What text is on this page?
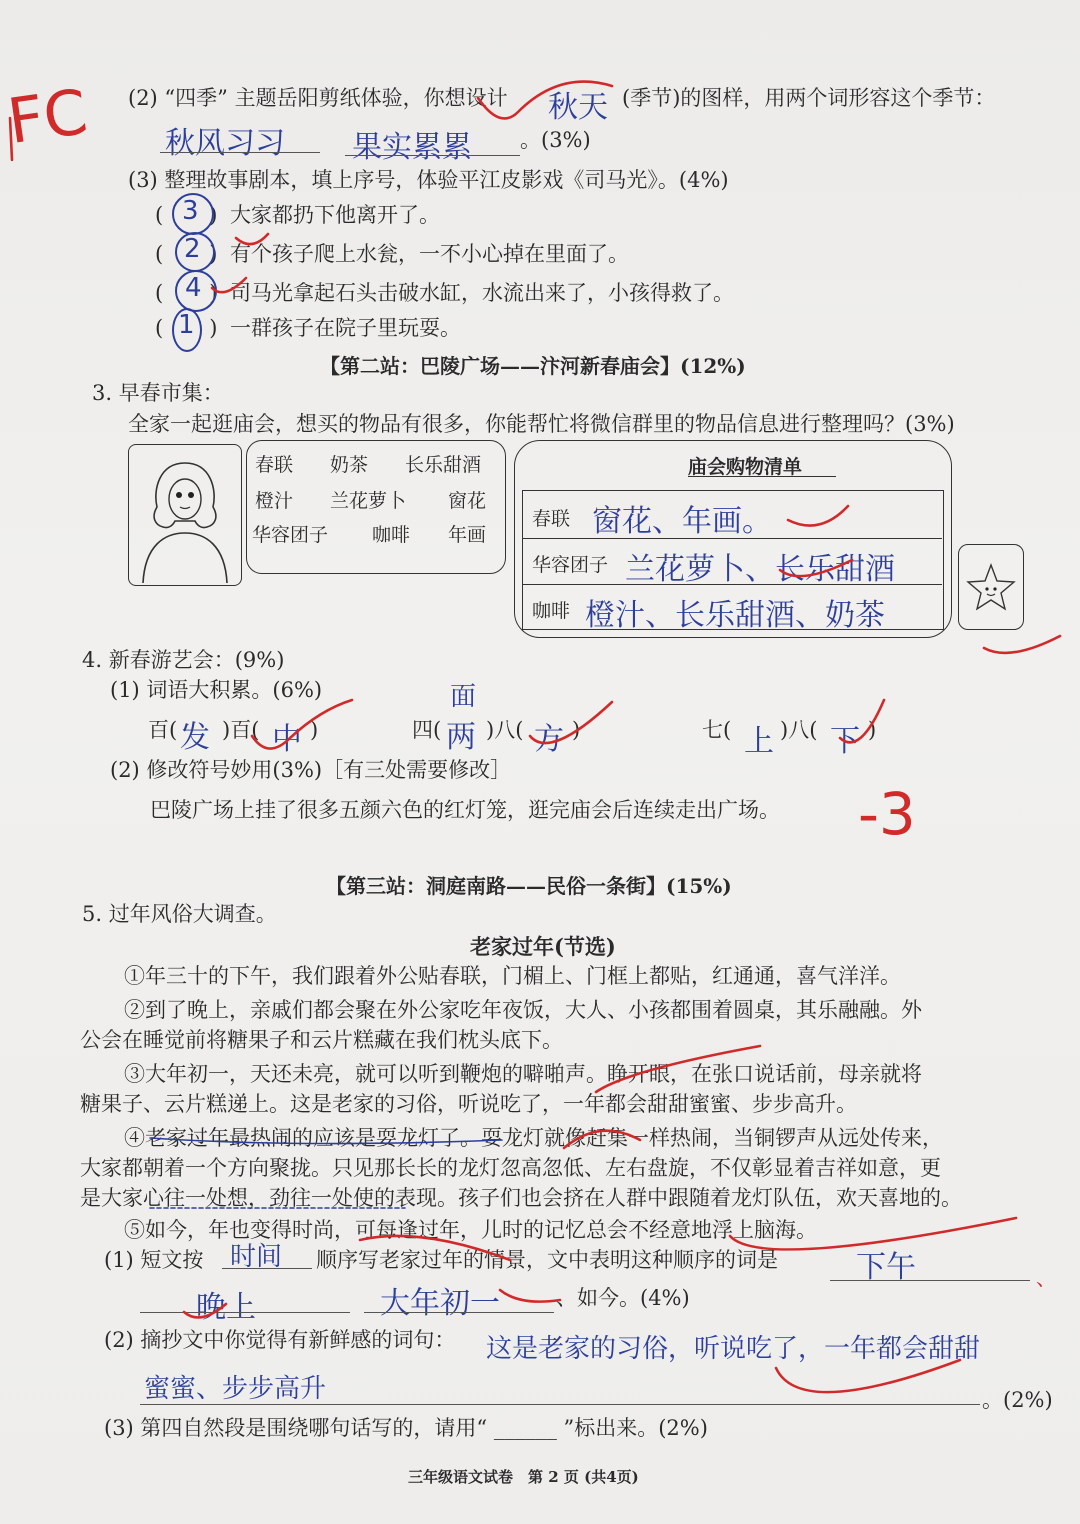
(2) “四季” 主题岳阳剪纸体验，你想设计 秋天 (季节)的图样，用两个词形容这个季节：
秋风习习 果实累累 。(3%)
FC
(3) 整理故事剧本，填上序号，体验平江皮影戏《司马光》。(4%)
( )
3 大家都扔下他离开了。
( )
2 有个孩子爬上水瓮，一不小心掉在里面了。
( )
4 司马光拿起石头击破水缸，水流出来了，小孩得救了。
( )
1 一群孩子在院子里玩耍。
【第二站：巴陵广场——汴河新春庙会】(12%)
3. 早春市集：
全家一起逛庙会，想买的物品有很多，你能帮忙将微信群里的物品信息进行整理吗？(3%)
春联 奶茶 长乐甜酒
橙汁 兰花萝卜 窗花
华容团子 咖啡 年画
庙会购物清单
春联 窗花、年画。
华容团子 兰花萝卜、长乐甜酒
咖啡 橙汁、长乐甜酒、奶茶
4. 新春游艺会：(9%)
(1) 词语大积累。(6%)
百( 发 )百( 中 )	四( 两
面
)八( 方 )	七( 上 )八( 下 )
(2) 修改符号妙用(3%)［有三处需要修改］
巴陵广场上挂了很多五颜六色的红灯笼，逛完庙会后连续走出广场。 -3
【第三站：洞庭南路——民俗一条街】(15%)
5. 过年风俗大调查。
老家过年(节选)
①年三十的下午，我们跟着外公贴春联，门楣上、门框上都贴，红通通，喜气洋洋。
②到了晚上，亲戚们都会聚在外公家吃年夜饭，大人、小孩都围着圆桌，其乐融融。外
公会在睡觉前将糖果子和云片糕藏在我们枕头底下。
③大年初一，天还未亮，就可以听到鞭炮的噼啪声。睁开眼，在张口说话前，母亲就将
糖果子、云片糕递上。这是老家的习俗，听说吃了，一年都会甜甜蜜蜜、步步高升。
④老家过年最热闹的应该是耍龙灯了。耍龙灯就像赶集一样热闹，当铜锣声从远处传来，
大家都朝着一个方向聚拢。只见那长长的龙灯忽高忽低、左右盘旋，不仅彰显着吉祥如意，更
是大家心往一处想，劲往一处使的表现。孩子们也会挤在人群中跟随着龙灯队伍，欢天喜地的。
⑤如今，年也变得时尚，可每逢过年，儿时的记忆总会不经意地浮上脑海。
(1) 短文按 时间 顺序写老家过年的情景，文中表明这种顺序的词是	下午	、
晚上	大年初一	、如今。(4%)
(2) 摘抄文中你觉得有新鲜感的词句： 这是老家的习俗，听说吃了，一年都会甜甜
蜜蜜、步步高升	。(2%)
(3) 第四自然段是围绕哪句话写的，请用“ ______ ”标出来。(2%)
三年级语文试卷　第 2 页 (共4页)
